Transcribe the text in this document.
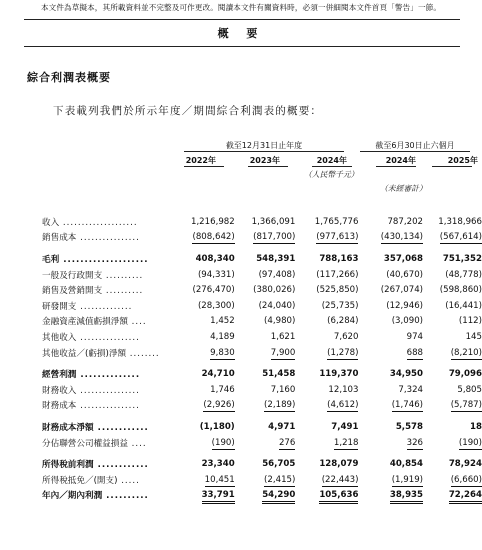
本文件為草擬本，其所載資料並不完整及可作更改。閱讀本文件有關資料時，必須一併細閱本文件首頁「警告」一節。
概 要
綜合利潤表概要
下表載列我們於所示年度／期間綜合利潤表的概要：
截至12月31日止年度	截至6月30日止六個月
2022年	2023年	2024年	2024年	2025年
（人民幣千元）
（未經審計）
收入 ....................	1,216,982	1,366,091	1,765,776	787,202	1,318,966
銷售成本 ................	(808,642)	(817,700)	(977,613)	(430,134)	(567,614)

毛利 ....................	408,340	548,391	788,163	357,068	751,352
一般及行政開支 ..........	(94,331)	(97,408)	(117,266)	(40,670)	(48,778)
銷售及營銷開支 ..........	(276,470)	(380,026)	(525,850)	(267,074)	(598,860)
研發開支 ..............	(28,300)	(24,040)	(25,735)	(12,946)	(16,441)
金融資產減值虧損淨額 ....	1,452	(4,980)	(6,284)	(3,090)	(112)
其他收入 ................	4,189	1,621	7,620	974	145
其他收益／(虧損)淨額 ........	9,830	7,900	(1,278)	688	(8,210)

經營利潤 ..............	24,710	51,458	119,370	34,950	79,096
財務收入 ................	1,746	7,160	12,103	7,324	5,805
財務成本 ................	(2,926)	(2,189)	(4,612)	(1,746)	(5,787)

財務成本淨額 ............	(1,180)	4,971	7,491	5,578	18
分佔聯營公司權益損益 ....	(190)	276	1,218	326	(190)

所得稅前利潤 ............	23,340	56,705	128,079	40,854	78,924
所得稅抵免／(開支) .....	10,451	(2,415)	(22,443)	(1,919)	(6,660)
年內／期內利潤 ..........	33,791	54,290	105,636	38,935	72,264
